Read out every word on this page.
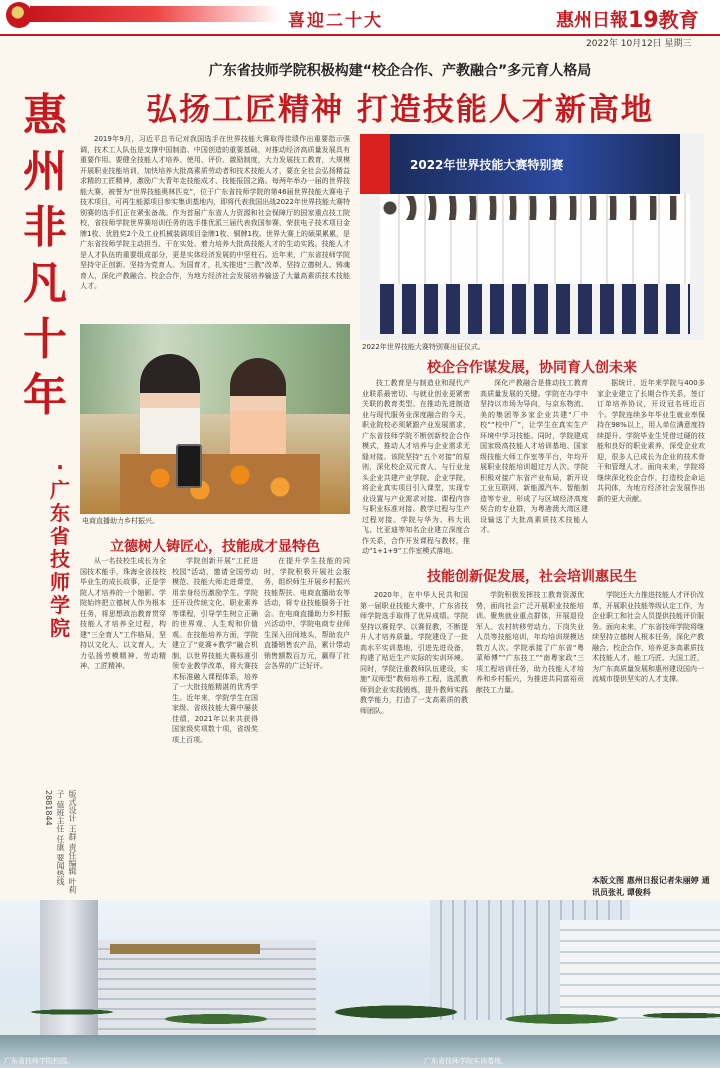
喜迎二十大	惠州日報 19教育
2022年 10月12日 星期三
惠州非凡十年
·广东省技师学院
版式设计 王群 责任编辑 叶莉子 值班主任 任康 要闻热线 2881844
广东省技师学院积极构建“校企合作、产教融合”多元育人格局
弘扬工匠精神 打造技能人才新高地
2019年9月，习近平总书记对我国选手在世界技能大赛取得佳绩作出重要指示强调，技术工人队伍是支撑中国制造、中国创造的重要基础，对推动经济高质量发展具有重要作用。要健全技能人才培养、使用、评价、激励制度，大力发展技工教育，大规模开展职业技能培训，加快培养大批高素质劳动者和技术技能人才，要在全社会弘扬精益求精的工匠精神，激励广大青年走技能成才、技能报国之路。每两年举办一届的世界技能大赛，被誉为“世界技能奥林匹克”，位于广东省技师学院的第46届世界技能大赛电子技术项目，可再生能源项目参实集训基地内，即将代表我国出战2022年世界技能大赛特别赛的选手们正在紧张备战。作为首届广东省人力资源和社会保障厅的国家重点技工院校，省技师学院世界赛培训任务的选手推优派三届代表我国参赛，荣获电子技术项目金牌1枚、优胜奖2个及工业机械装调项目金牌1枚、铜牌1枚。世界大赛上的硕果累累，是广东省技师学院主动担当、干在实处、着力培养大批高技能人才的生动实践。技能人才是人才队伍的重要组成部分，更是实体经济发展的中坚柱石。近年来，广东省技师学院坚持守正创新、坚持为党育人、为国育才，扎实推进“三教”改革，坚持立德树人、铸魂育人，深化产教融合、校企合作，为地方经济社会发展培养输送了大量高素质技术技能人才。
电商直播助力乡村振兴。
2022年世界技能大赛特别赛
2022年世界技能大赛特别赛出征仪式。
校企合作谋发展，协同育人创未来
技工教育是与制造业和现代产业联系最密切、与就业创业更紧密关联的教育类型。在推动先进制造业与现代服务业深度融合的今天，职业院校必须紧跟产业发展需求，广东省技师学院不断创新校企合作模式，推动人才培养与企业需求无缝对接。该院坚持“五个对接”的原则，深化校企双元育人，与行业龙头企业共建产业学院、企业学院，将企业真实项目引入课堂，实现专业设置与产业需求对接、课程内容与职业标准对接、教学过程与生产过程对接。学院与华为、科大讯飞、比亚迪等知名企业建立深度合作关系，合作开发课程与教材，推动“1+1+9”工作室模式落地。
深化产教融合是推动技工教育高质量发展的关键。学院在办学中坚持以市场为导向，与京东物流、美的集团等多家企业共建“厂中校”“校中厂”，让学生在真实生产环境中学习技能。同时，学院建成国家级高技能人才培训基地、国家级技能大师工作室等平台，年均开展职业技能培训超过万人次。学院积极对接广东省产业布局，新开设工业互联网、新能源汽车、智能制造等专业，形成了与区域经济高度契合的专业群，为粤港澳大湾区建设输送了大批高素质技术技能人才。
据统计，近年来学院与400多家企业建立了长期合作关系，签订订单培养协议，开设冠名班近百个。学院连续多年毕业生就业率保持在98%以上，用人单位满意度持续提升。学院毕业生凭借过硬的技能和良好的职业素养，深受企业欢迎，很多人已成长为企业的技术骨干和管理人才。面向未来，学院将继续深化校企合作，打造校企命运共同体，为地方经济社会发展作出新的更大贡献。
立德树人铸匠心，技能成才显特色
从一名技校生成长为全国技术能手，珠海全省技校毕业生的成长故事，正是学院人才培养的一个缩影。学院始终把立德树人作为根本任务，将思想政治教育贯穿技能人才培养全过程，构建“三全育人”工作格局，坚持以文化人、以文育人，大力弘扬劳模精神、劳动精神、工匠精神。
学院创新开展“工匠进校园”活动，邀请全国劳动模范、技能大师走进课堂，用亲身经历激励学生。学院还开设传统文化、职业素养等课程，引导学生树立正确的世界观、人生观和价值观。在技能培养方面，学院建立了“竞赛+教学”融合机制，以世界技能大赛标准引领专业教学改革，将大赛技术标准融入课程体系，培养了一大批技能精湛的优秀学生。近年来，学院学生在国家级、省级技能大赛中屡获佳绩，2021年以来共获得国家级奖项数十项，省级奖项上百项。
在提升学生技能的同时，学院积极开展社会服务，组织师生开展乡村振兴技能帮扶、电商直播助农等活动，将专业技能服务于社会。在电商直播助力乡村振兴活动中，学院电商专业师生深入田间地头，帮助农户直播销售农产品，累计带动销售额数百万元，赢得了社会各界的广泛好评。
技能创新促发展，社会培训惠民生
2020年，在中华人民共和国第一届职业技能大赛中，广东省技师学院选手取得了优异成绩。学院坚持以赛促学、以赛促教，不断提升人才培养质量。学院建设了一批高水平实训基地，引进先进设备，构建了贴近生产实际的实训环境。同时，学院注重教师队伍建设，实施“双师型”教师培养工程，选派教师到企业实践锻炼，提升教师实践教学能力，打造了一支高素质的教师团队。
学院积极发挥技工教育资源优势，面向社会广泛开展职业技能培训。聚焦就业重点群体，开展退役军人、农村转移劳动力、下岗失业人员等技能培训，年均培训规模达数万人次。学院承接了广东省“粤菜师傅”“广东技工”“南粤家政”三项工程培训任务，助力技能人才培养和乡村振兴，为推进共同富裕贡献技工力量。
学院还大力推进技能人才评价改革，开展职业技能等级认定工作，为企业职工和社会人员提供技能评价服务。面向未来，广东省技师学院将继续坚持立德树人根本任务，深化产教融合、校企合作，培养更多高素质技术技能人才、能工巧匠、大国工匠，为广东高质量发展和惠州建设国内一流城市提供坚实的人才支撑。
本版文图 惠州日报记者朱丽婷 通讯员张礼 谭俊科
广东省技师学院校园。	广东省技师学院实训基地。
